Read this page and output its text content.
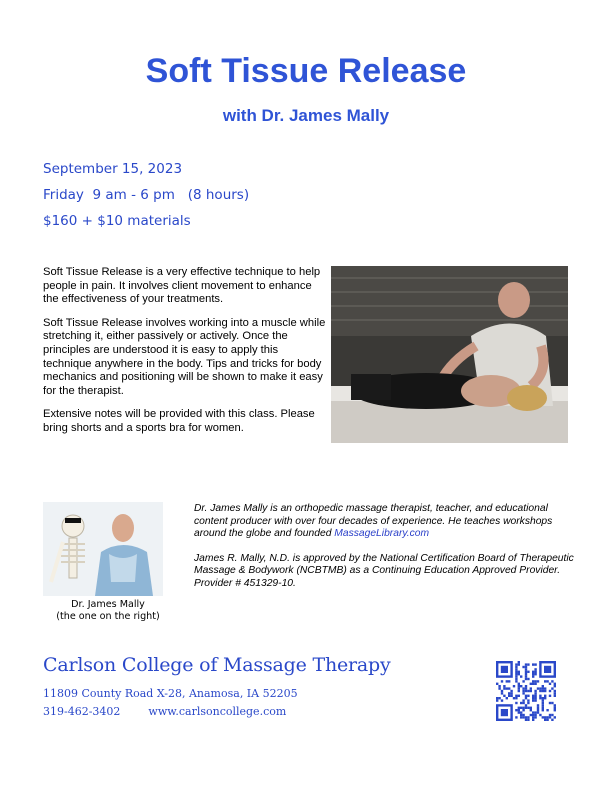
Soft Tissue Release
with Dr. James Mally
September 15, 2023
Friday  9 am - 6 pm   (8 hours)
$160 + $10 materials

Soft Tissue Release is a very effective technique to help people in pain. It involves client movement to enhance the effectiveness of your treatments.

Soft Tissue Release involves working into a muscle while stretching it, either passively or actively. Once the principles are understood it is easy to apply this technique anywhere in the body. Tips and tricks for body mechanics and positioning will be shown to make it easy for the therapist.

Extensive notes will be provided with this class. Please bring shorts and a sports bra for women.

Dr. James Mally
(the one on the right)

Dr. James Mally is an orthopedic massage therapist, teacher, and educational content producer with over four decades of experience. He teaches workshops around the globe and founded MassageLibrary.com

James R. Mally, N.D. is approved by the National Certification Board of Therapeutic Massage & Bodywork (NCBTMB) as a Continuing Education Approved Provider. Provider # 451329-10.

Carlson College of Massage Therapy
11809 County Road X-28, Anamosa, IA 52205
319-462-3402	www.carlsoncollege.com
